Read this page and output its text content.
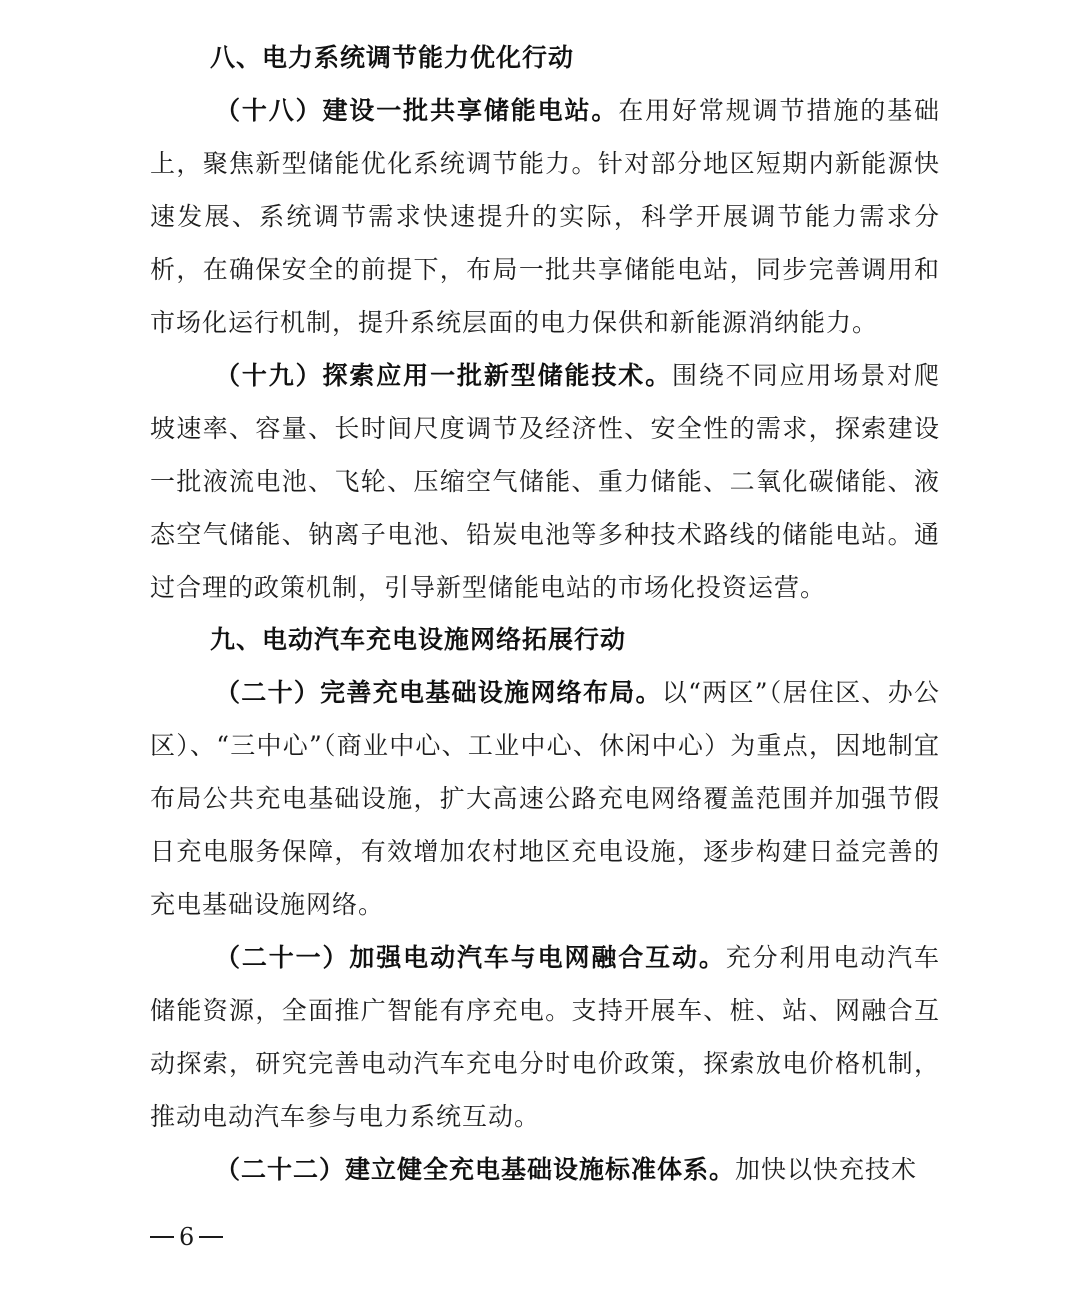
八、电力系统调节能力优化行动

（十八）建设一批共享储能电站。在用好常规调节措施的基础上，聚焦新型储能优化系统调节能力。针对部分地区短期内新能源快速发展、系统调节需求快速提升的实际，科学开展调节能力需求分析，在确保安全的前提下，布局一批共享储能电站，同步完善调用和市场化运行机制，提升系统层面的电力保供和新能源消纳能力。

（十九）探索应用一批新型储能技术。围绕不同应用场景对爬坡速率、容量、长时间尺度调节及经济性、安全性的需求，探索建设一批液流电池、飞轮、压缩空气储能、重力储能、二氧化碳储能、液态空气储能、钠离子电池、铅炭电池等多种技术路线的储能电站。通过合理的政策机制，引导新型储能电站的市场化投资运营。

九、电动汽车充电设施网络拓展行动

（二十）完善充电基础设施网络布局。以“两区”（居住区、办公区）、“三中心”（商业中心、工业中心、休闲中心）为重点，因地制宜布局公共充电基础设施，扩大高速公路充电网络覆盖范围并加强节假日充电服务保障，有效增加农村地区充电设施，逐步构建日益完善的充电基础设施网络。

（二十一）加强电动汽车与电网融合互动。充分利用电动汽车储能资源，全面推广智能有序充电。支持开展车、桩、站、网融合互动探索，研究完善电动汽车充电分时电价政策，探索放电价格机制，推动电动汽车参与电力系统互动。

（二十二）建立健全充电基础设施标准体系。加快以快充技术

6
